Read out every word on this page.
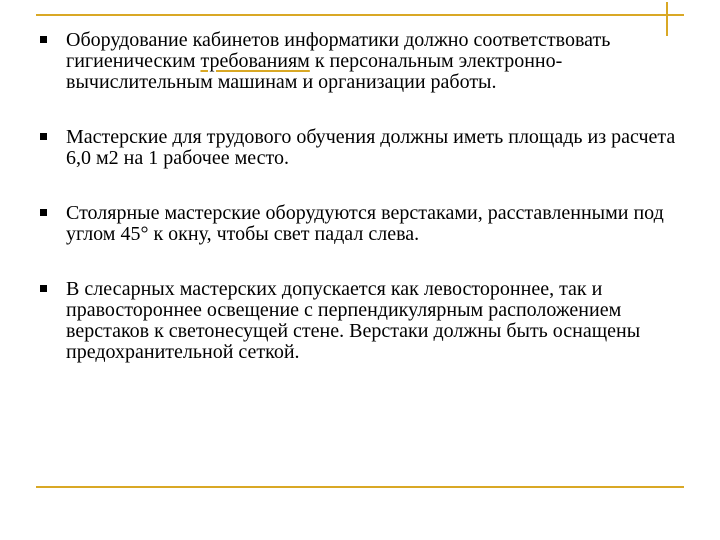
Оборудование кабинетов информатики должно соответствовать гигиеническим требованиям к персональным электронно-вычислительным машинам и организации работы.
Мастерские для трудового обучения должны иметь площадь из расчета 6,0 м2 на 1 рабочее место.
Столярные мастерские оборудуются верстаками, расставленными под углом 45° к окну, чтобы свет падал слева.
В слесарных мастерских допускается как левостороннее, так и правостороннее освещение с перпендикулярным расположением верстаков к светонесущей стене. Верстаки должны быть оснащены предохранительной сеткой.
